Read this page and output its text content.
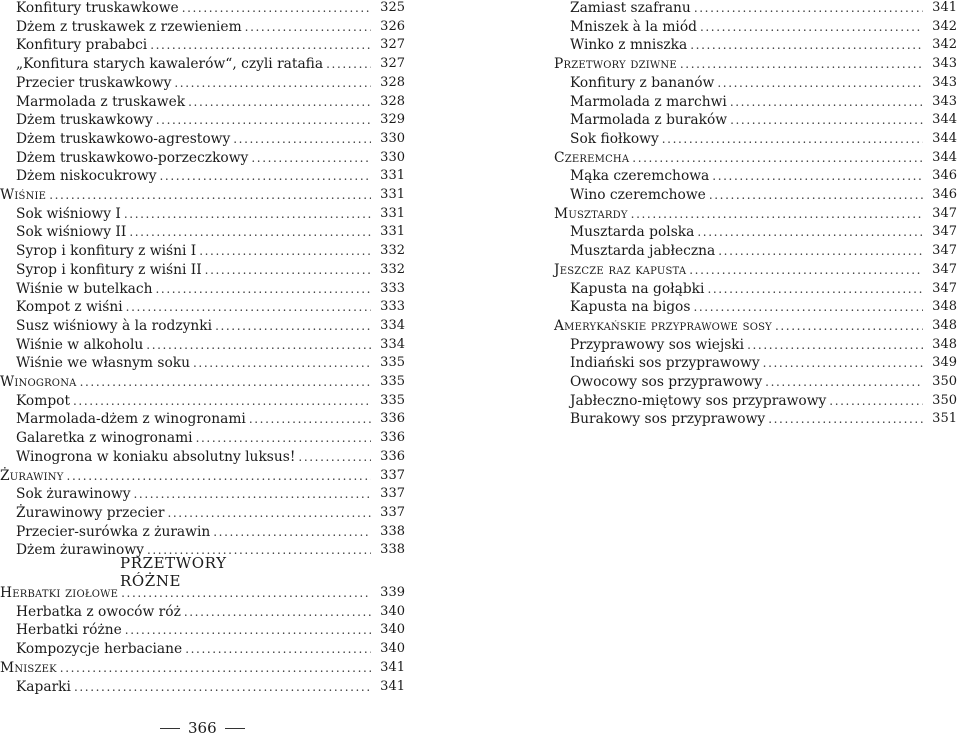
Konfitury truskawkowe .....	325
Dżem z truskawek z rzewieniem .....	326
Konfitury prababci .....	327
„Konfitura starych kawalerów“, czyli ratafia .....	327
Przecier truskawkowy .....	328
Marmolada z truskawek .....	328
Dżem truskawkowy .....	329
Dżem truskawkowo-agrestowy .....	330
Dżem truskawkowo-porzeczkowy .....	330
Dżem niskocukrowy .....	331
Wiśnie .....	331
Sok wiśniowy I .....	331
Sok wiśniowy II .....	331
Syrop i konfitury z wiśni I .....	332
Syrop i konfitury z wiśni II .....	332
Wiśnie w butelkach .....	333
Kompot z wiśni .....	333
Susz wiśniowy à la rodzynki .....	334
Wiśnie w alkoholu .....	334
Wiśnie we własnym soku .....	335
Winogrona .....	335
Kompot .....	335
Marmolada-dżem z winogronami .....	336
Galaretka z winogronami .....	336
Winogrona w koniaku absolutny luksus! .....	336
Żurawiny .....	337
Sok żurawinowy .....	337
Żurawinowy przecier .....	337
Przecier-surówka z żurawin .....	338
Dżem żurawinowy .....	338
PRZETWORY RÓŻNE
Herbatki ziołowe .....	339
Herbatka z owoców róż .....	340
Herbatki różne .....	340
Kompozycje herbaciane .....	340
Mniszek .....	341
Kaparki .....	341
Zamiast szafranu .....	341
Mniszek à la miód .....	342
Winko z mniszka .....	342
Przetwory dziwne .....	343
Konfitury z bananów .....	343
Marmolada z marchwi .....	343
Marmolada z buraków .....	344
Sok fiołkowy .....	344
Czeremcha .....	344
Mąka czeremchowa .....	346
Wino czeremchowe .....	346
Musztardy .....	347
Musztarda polska .....	347
Musztarda jabłeczna .....	347
Jeszcze raz kapusta .....	347
Kapusta na gołąbki .....	347
Kapusta na bigos .....	348
Amerykańskie przyprawowe sosy .....	348
Przyprawowy sos wiejski .....	348
Indiański sos przyprawowy .....	349
Owocowy sos przyprawowy .....	350
Jabłeczno-miętowy sos przyprawowy .....	350
Burakowy sos przyprawowy .....	351
366
